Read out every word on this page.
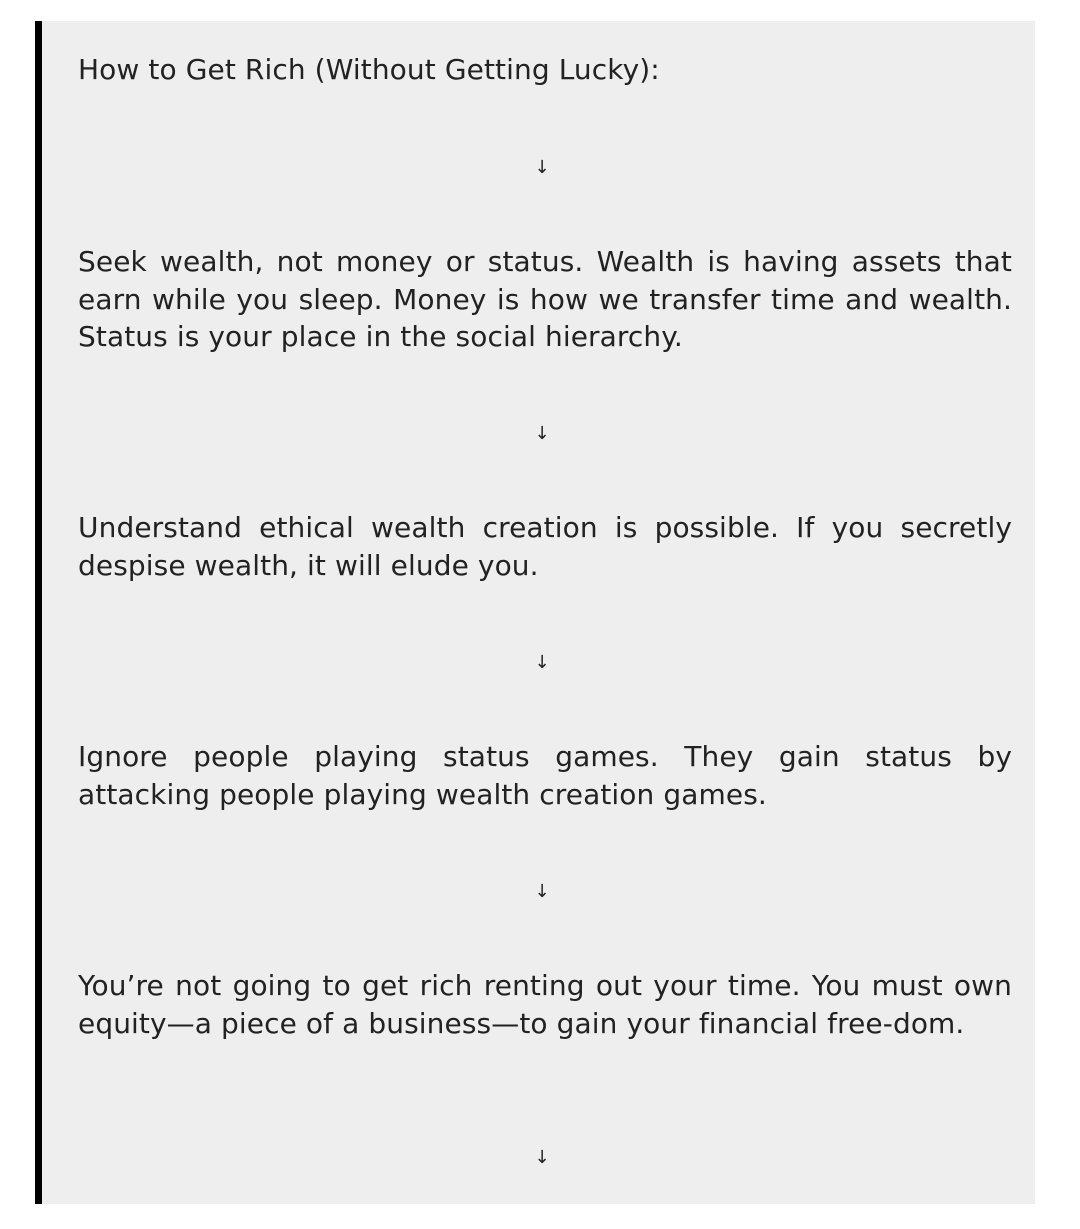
How to Get Rich (Without Getting Lucky):
↓
Seek wealth, not money or status. Wealth is having assets that earn while you sleep. Money is how we transfer time and wealth. Status is your place in the social hierarchy.
↓
Understand ethical wealth creation is possible. If you secretly despise wealth, it will elude you.
↓
Ignore people playing status games. They gain status by attacking people playing wealth creation games.
↓
You’re not going to get rich renting out your time. You must own equity—a piece of a business—to gain your financial free-dom.
↓
